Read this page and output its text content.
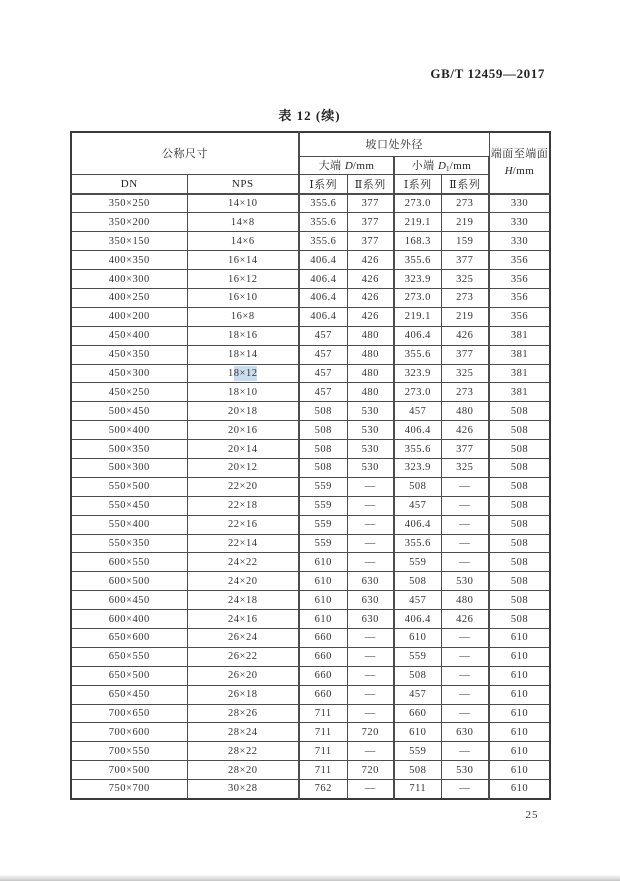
GB/T 12459—2017
表 12 (续)
公称尺寸		坡口处外径				端面至端面
H/mm
		大端 D/mm		小端 $D_1/mm$		
DN	NPS	Ⅰ系列	Ⅱ系列	Ⅰ系列	Ⅱ系列	
350×250	14×10	355.6	377	273.0	273	330
350×200	14×8	355.6	377	219.1	219	330
350×150	14×6	355.6	377	168.3	159	330
400×350	16×14	406.4	426	355.6	377	356
400×300	16×12	406.4	426	323.9	325	356
400×250	16×10	406.4	426	273.0	273	356
400×200	16×8	406.4	426	219.1	219	356
450×400	18×16	457	480	406.4	426	381
450×350	18×14	457	480	355.6	377	381
450×300	18×12	457	480	323.9	325	381
450×250	18×10	457	480	273.0	273	381
500×450	20×18	508	530	457	480	508
500×400	20×16	508	530	406.4	426	508
500×350	20×14	508	530	355.6	377	508
500×300	20×12	508	530	323.9	325	508
550×500	22×20	559	—	508	—	508
550×450	22×18	559	—	457	—	508
550×400	22×16	559	—	406.4	—	508
550×350	22×14	559	—	355.6	—	508
600×550	24×22	610	—	559	—	508
600×500	24×20	610	630	508	530	508
600×450	24×18	610	630	457	480	508
600×400	24×16	610	630	406.4	426	508
650×600	26×24	660	—	610	—	610
650×550	26×22	660	—	559	—	610
650×500	26×20	660	—	508	—	610
650×450	26×18	660	—	457	—	610
700×650	28×26	711	—	660	—	610
700×600	28×24	711	720	610	630	610
700×550	28×22	711	—	559	—	610
700×500	28×20	711	720	508	530	610
750×700	30×28	762	—	711	—	610
25
